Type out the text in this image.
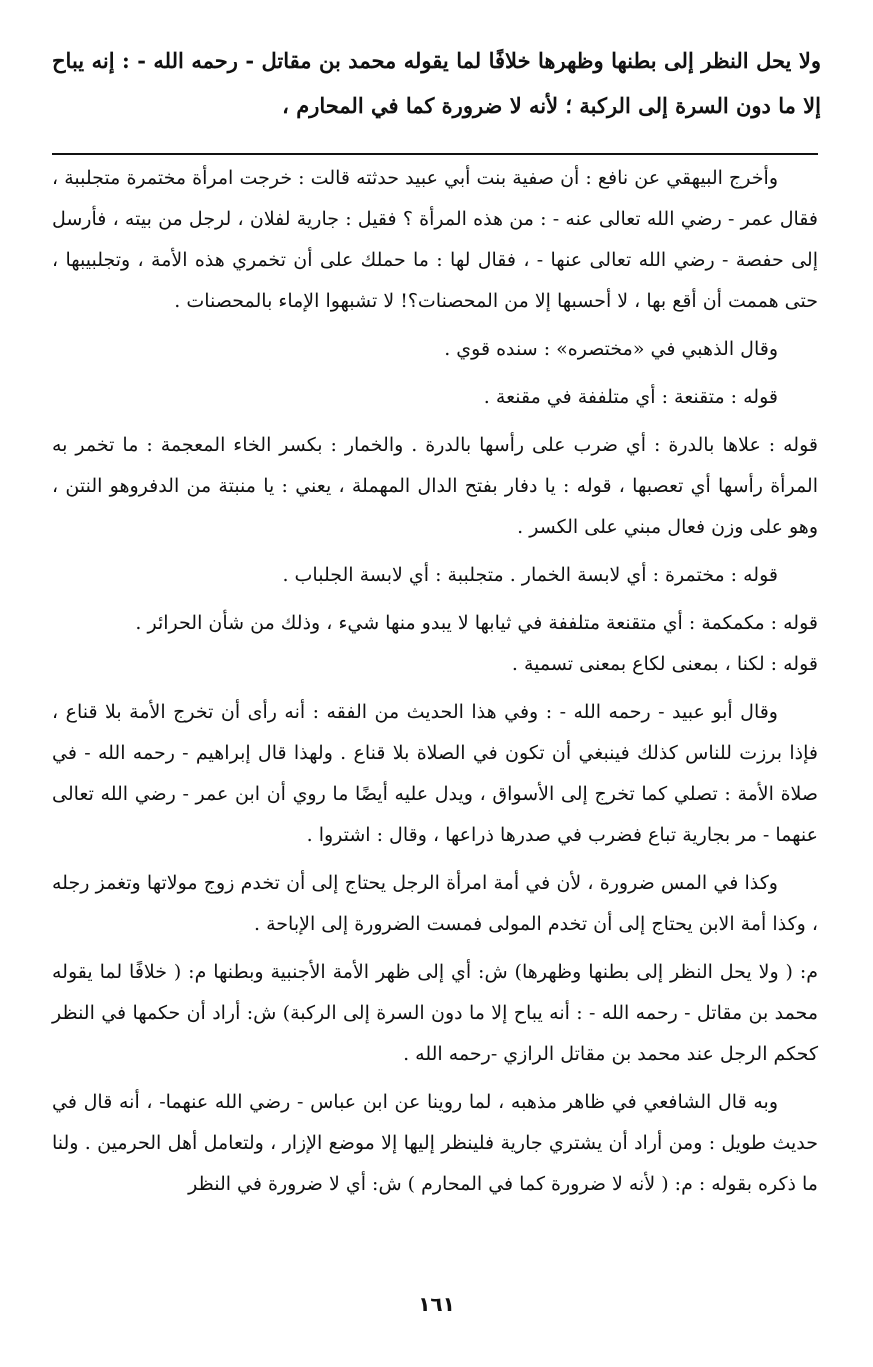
ولا يحل النظر إلى بطنها وظهرها خلافًا لما يقوله محمد بن مقاتل - رحمه الله - : إنه يباح إلا ما دون السرة إلى الركبة ؛ لأنه لا ضرورة كما في المحارم ،

وأخرج البيهقي عن نافع : أن صفية بنت أبي عبيد حدثته قالت : خرجت امرأة مختمرة متجلببة ، فقال عمر - رضي الله تعالى عنه - : من هذه المرأة ؟ فقيل : جارية لفلان ، لرجل من بيته ، فأرسل إلى حفصة - رضي الله تعالى عنها - ، فقال لها : ما حملك على أن تخمري هذه الأمة ، وتجلبيبها ، حتى هممت أن أقع بها ، لا أحسبها إلا من المحصنات؟! لا تشبهوا الإماء بالمحصنات .

وقال الذهبي في «مختصره» : سنده قوي .

قوله : متقنعة : أي متلففة في مقنعة .

قوله : علاها بالدرة : أي ضرب على رأسها بالدرة . والخمار : بكسر الخاء المعجمة : ما تخمر به المرأة رأسها أي تعصبها ، قوله : يا دفار بفتح الدال المهملة ، يعني : يا منبتة من الدفروهو النتن ، وهو على وزن فعال مبني على الكسر .

قوله : مختمرة : أي لابسة الخمار . متجلببة : أي لابسة الجلباب .

قوله : مكمكمة : أي متقنعة متلففة في ثيابها لا يبدو منها شيء ، وذلك من شأن الحرائر .

قوله : لكنا ، بمعنى لكاع بمعنى تسمية .

وقال أبو عبيد - رحمه الله - : وفي هذا الحديث من الفقه : أنه رأى أن تخرج الأمة بلا قناع ، فإذا برزت للناس كذلك فينبغي أن تكون في الصلاة بلا قناع . ولهذا قال إبراهيم - رحمه الله - في صلاة الأمة : تصلي كما تخرج إلى الأسواق ، ويدل عليه أيضًا ما روي أن ابن عمر - رضي الله تعالى عنهما - مر بجارية تباع فضرب في صدرها ذراعها ، وقال : اشتروا .

وكذا في المس ضرورة ، لأن في أمة امرأة الرجل يحتاج إلى أن تخدم زوج مولاتها وتغمز رجله ، وكذا أمة الابن يحتاج إلى أن تخدم المولى فمست الضرورة إلى الإباحة .

م: ( ولا يحل النظر إلى بطنها وظهرها) ش: أي إلى ظهر الأمة الأجنبية وبطنها م: ( خلافًا لما يقوله محمد بن مقاتل - رحمه الله - : أنه يباح إلا ما دون السرة إلى الركبة) ش: أراد أن حكمها في النظر كحكم الرجل عند محمد بن مقاتل الرازي -رحمه الله .

وبه قال الشافعي في ظاهر مذهبه ، لما روينا عن ابن عباس - رضي الله عنهما- ، أنه قال في حديث طويل : ومن أراد أن يشتري جارية فلينظر إليها إلا موضع الإزار ، ولتعامل أهل الحرمين . ولنا ما ذكره بقوله : م: ( لأنه لا ضرورة كما في المحارم ) ش: أي لا ضرورة في النظر

١٦١
